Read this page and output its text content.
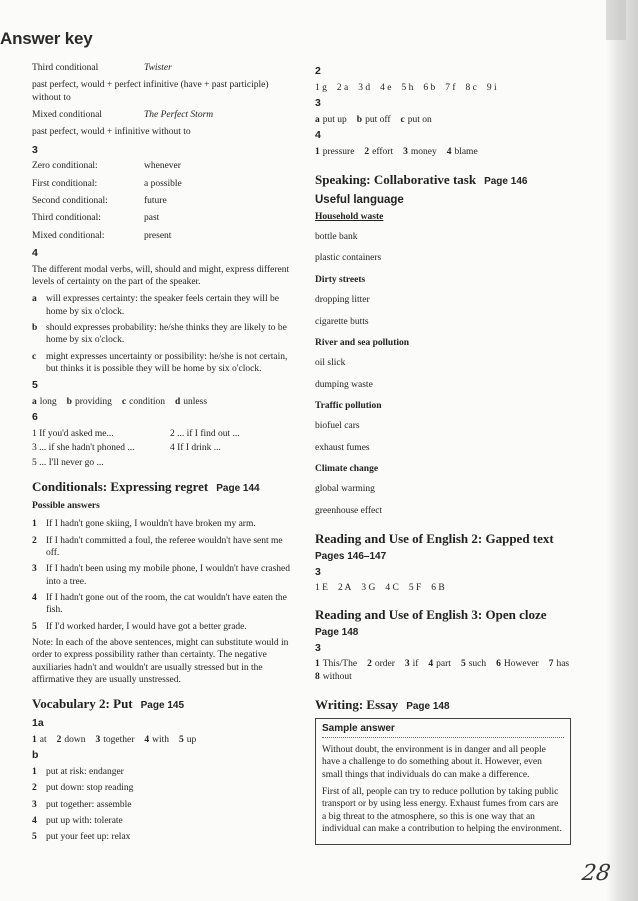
Answer key
Third conditional	Twister
past perfect, would + perfect infinitive (have + past participle) without to
Mixed conditional	The Perfect Storm
past perfect, would + infinitive without to
3
Zero conditional:	whenever
First conditional:	a possible
Second conditional:	future
Third conditional:	past
Mixed conditional:	present
4
The different modal verbs, will, should and might, express different levels of certainty on the part of the speaker.
a will expresses certainty: the speaker feels certain they will be home by six o'clock.
b should expresses probability: he/she thinks they are likely to be home by six o'clock.
c	might expresses uncertainty or possibility: he/she is not certain, but thinks it is possible they will be home by six o'clock.
5
a long b providing c condition d unless
6
1 If you'd asked me...	2 ... if I find out ...
3 ... if she hadn't phoned ...	4 If I drink ...
5 ... I'll never go ...
Conditionals: Expressing regret Page 144
Possible answers
1 If I hadn't gone skiing, I wouldn't have broken my arm.
2 If I hadn't committed a foul, the referee wouldn't have sent me off.
3 If I hadn't been using my mobile phone, I wouldn't have crashed into a tree.
4 If I hadn't gone out of the room, the cat wouldn't have eaten the fish.
5 If I'd worked harder, I would have got a better grade.
Note: In each of the above sentences, might can substitute would in order to express possibility rather than certainty. The negative auxiliaries hadn't and wouldn't are usually stressed but in the affirmative they are usually unstressed.
Vocabulary 2: Put Page 145
1a
1 at 2 down 3 together 4 with 5 up
b
1 put at risk: endanger
2 put down: stop reading
3 put together: assemble
4 put up with: tolerate
5 put your feet up: relax
2
1 g 2 a 3 d 4 e 5 h 6 b 7 f 8 c 9 i
3
a put up b put off c put on
4
1 pressure 2 effort 3 money 4 blame
Speaking: Collaborative task Page 146
Useful language
Household waste
bottle bank
plastic containers
Dirty streets
dropping litter
cigarette butts
River and sea pollution
oil slick
dumping waste
Traffic pollution
biofuel cars
exhaust fumes
Climate change
global warming
greenhouse effect
Reading and Use of English 2: Gapped text
Pages 146–147
3
1 E 2 A 3 G 4 C 5 F 6 B
Reading and Use of English 3: Open cloze
Page 148
3
1 This/The 2 order 3 if 4 part 5 such 6 However 7 has
8 without
Writing: Essay Page 148
Sample answer

Without doubt, the environment is in danger and all people have a challenge to do something about it. However, even small things that individuals do can make a difference.

First of all, people can try to reduce pollution by taking public transport or by using less energy. Exhaust fumes from cars are a big threat to the atmosphere, so this is one way that an individual can make a contribution to helping the environment.

28
